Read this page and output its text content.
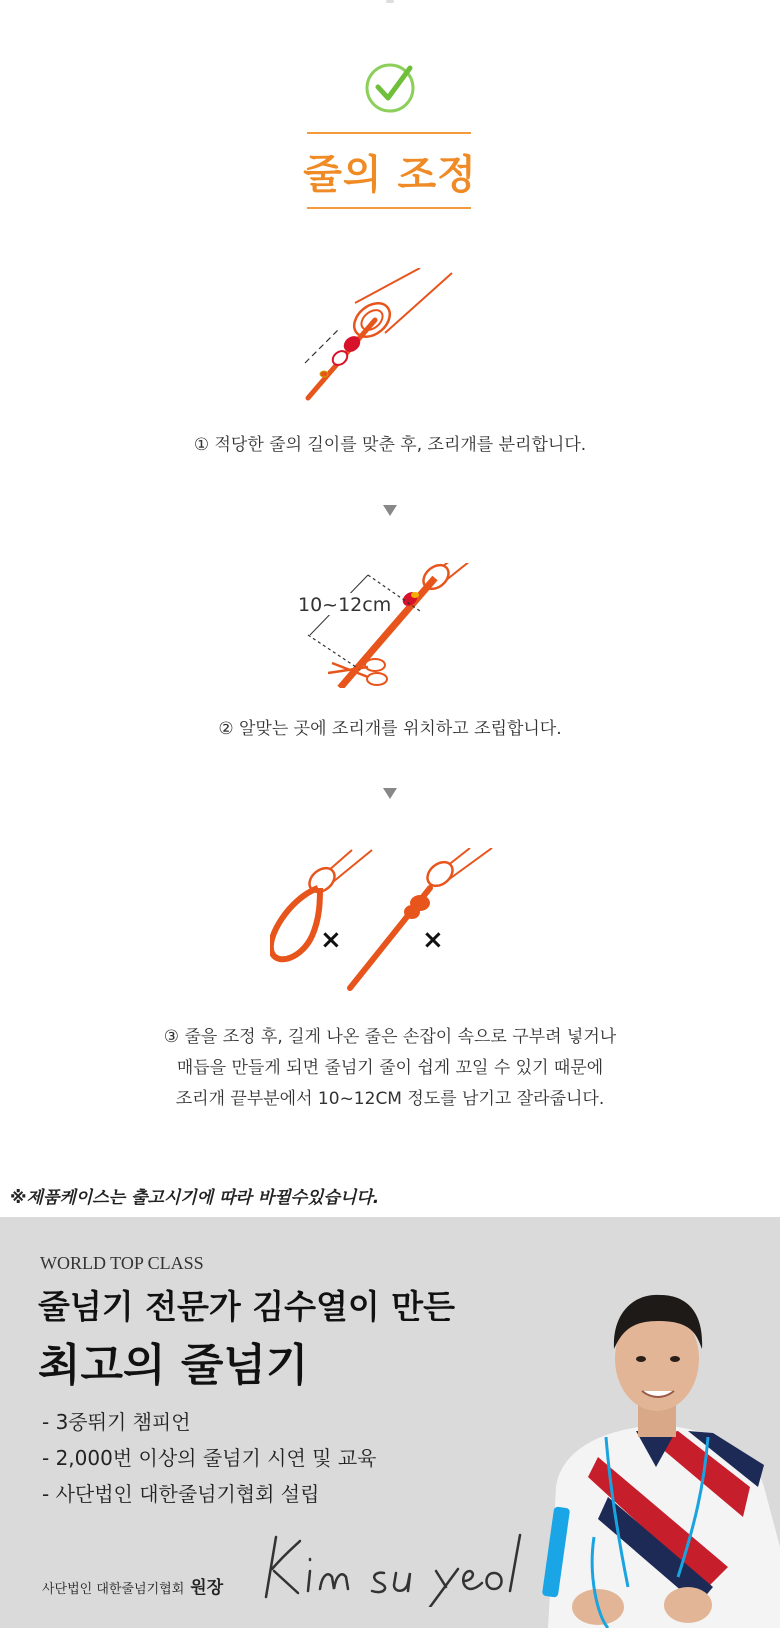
줄의 조정
① 적당한 줄의 길이를 맞춘 후, 조리개를 분리합니다.
10~12cm
② 알맞는 곳에 조리개를 위치하고 조립합니다.
×	×
③ 줄을 조정 후, 길게 나온 줄은 손잡이 속으로 구부려 넣거나
매듭을 만들게 되면 줄넘기 줄이 쉽게 꼬일 수 있기 때문에
조리개 끝부분에서 10~12CM 정도를 남기고 잘라줍니다.
※제품케이스는 출고시기에 따라 바뀔수있습니다.
WORLD TOP CLASS
줄넘기 전문가 김수열이 만든
최고의 줄넘기
- 3중뛰기 챔피언
- 2,000번 이상의 줄넘기 시연 및 교육
- 사단법인 대한줄넘기협회 설립
사단법인 대한줄넘기협회 원장
